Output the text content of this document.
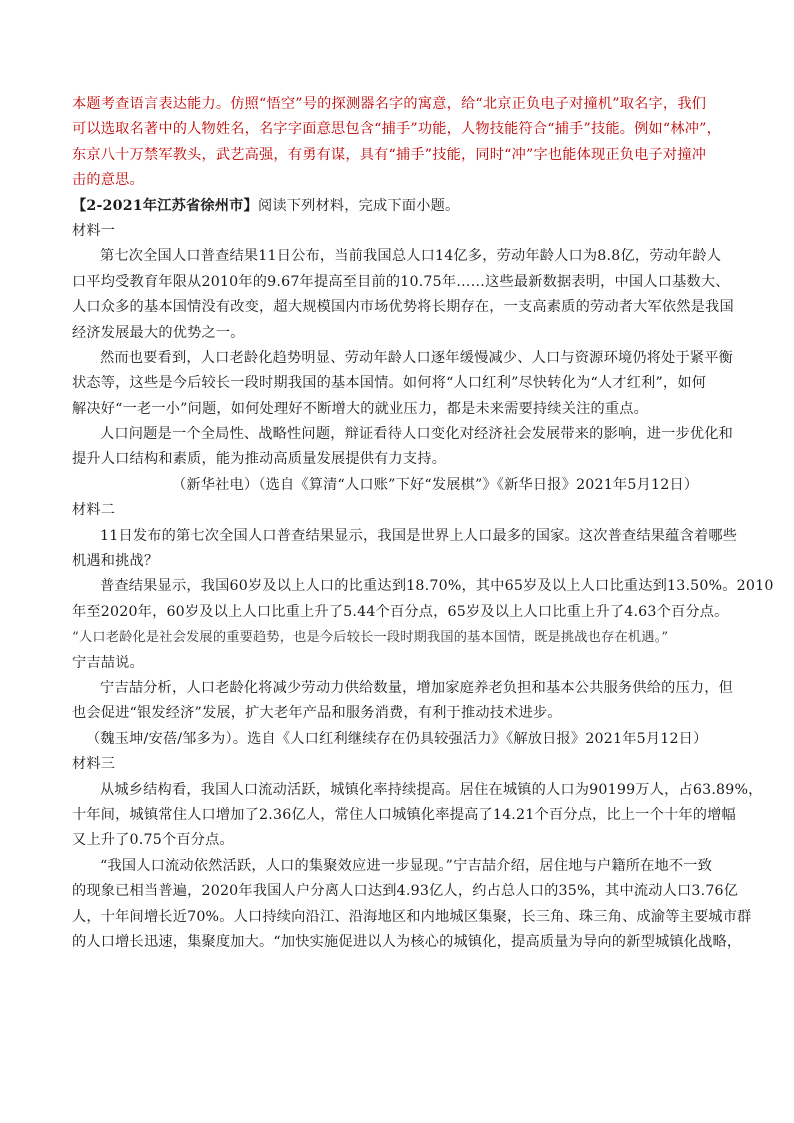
本题考查语言表达能力。仿照“悟空”号的探测器名字的寓意，给“北京正负电子对撞机”取名字，我们
可以选取名著中的人物姓名，名字字面意思包含“捕手”功能，人物技能符合“捕手”技能。例如“林冲”，
东京八十万禁军教头，武艺高强，有勇有谋，具有“捕手”技能，同时“冲”字也能体现正负电子对撞冲
击的意思。
【2-2021年江苏省徐州市】阅读下列材料，完成下面小题。
材料一
第七次全国人口普查结果11日公布，当前我国总人口14亿多，劳动年龄人口为8.8亿，劳动年龄人
口平均受教育年限从2010年的9.67年提高至目前的10.75年……这些最新数据表明，中国人口基数大、
人口众多的基本国情没有改变，超大规模国内市场优势将长期存在，一支高素质的劳动者大军依然是我国
经济发展最大的优势之一。
然而也要看到，人口老龄化趋势明显、劳动年龄人口逐年缓慢减少、人口与资源环境仍将处于紧平衡
状态等，这些是今后较长一段时期我国的基本国情。如何将“人口红利”尽快转化为“人才红利”，如何
解决好“一老一小”问题，如何处理好不断增大的就业压力，都是未来需要持续关注的重点。
人口问题是一个全局性、战略性问题，辩证看待人口变化对经济社会发展带来的影响，进一步优化和
提升人口结构和素质，能为推动高质量发展提供有力支持。
（新华社电）（选自《算清“人口账”下好“发展棋”》《新华日报》2021年5月12日）
材料二
11日发布的第七次全国人口普查结果显示，我国是世界上人口最多的国家。这次普查结果蕴含着哪些
机遇和挑战？
普查结果显示，我国60岁及以上人口的比重达到18.70%，其中65岁及以上人口比重达到13.50%。2010
年至2020年，60岁及以上人口比重上升了5.44个百分点，65岁及以上人口比重上升了4.63个百分点。
“人口老龄化是社会发展的重要趋势，也是今后较长一段时期我国的基本国情，既是挑战也存在机遇。”
宁吉喆说。
宁吉喆分析，人口老龄化将减少劳动力供给数量，增加家庭养老负担和基本公共服务供给的压力，但
也会促进“银发经济”发展，扩大老年产品和服务消费，有利于推动技术进步。
（魏玉坤/安蓓/邹多为）。选自《人口红利继续存在仍具较强活力》《解放日报》2021年5月12日）
材料三
从城乡结构看，我国人口流动活跃，城镇化率持续提高。居住在城镇的人口为90199万人，占63.89%，
十年间，城镇常住人口增加了2.36亿人，常住人口城镇化率提高了14.21个百分点，比上一个十年的增幅
又上升了0.75个百分点。
“我国人口流动依然活跃，人口的集聚效应进一步显现。”宁吉喆介绍，居住地与户籍所在地不一致
的现象已相当普遍，2020年我国人户分离人口达到4.93亿人，约占总人口的35%，其中流动人口3.76亿
人，十年间增长近70%。人口持续向沿江、沿海地区和内地城区集聚，长三角、珠三角、成渝等主要城市群
的人口增长迅速，集聚度加大。“加快实施促进以人为核心的城镇化，提高质量为导向的新型城镇化战略，
